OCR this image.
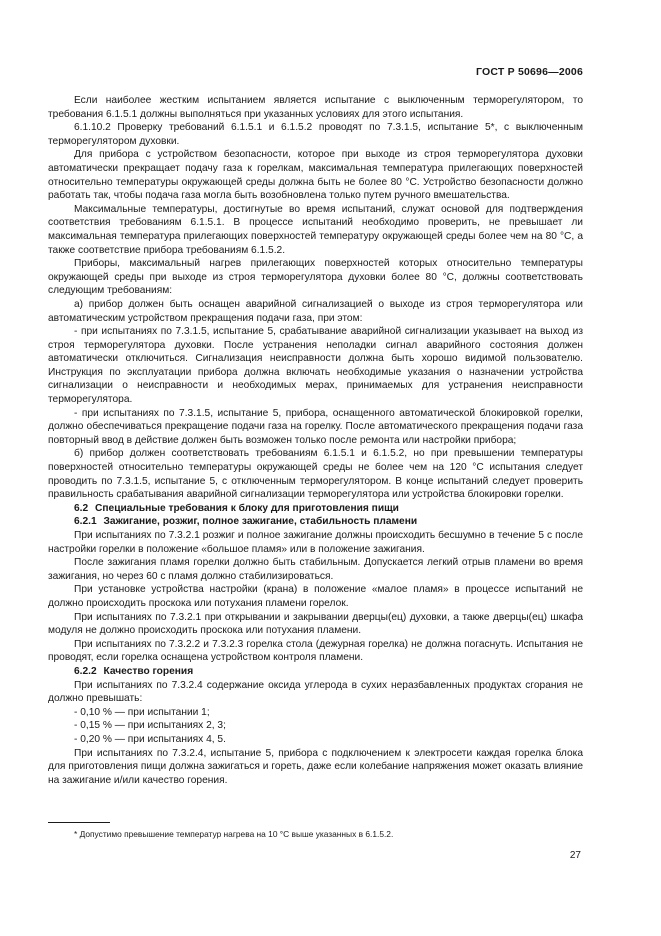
ГОСТ Р 50696—2006

Если наиболее жестким испытанием является испытание с выключенным терморегулятором, то требования 6.1.5.1 должны выполняться при указанных условиях для этого испытания.

6.1.10.2 Проверку требований 6.1.5.1 и 6.1.5.2 проводят по 7.3.1.5, испытание 5*, с выключенным терморегулятором духовки.

Для прибора с устройством безопасности, которое при выходе из строя терморегулятора духовки автоматически прекращает подачу газа к горелкам, максимальная температура прилегающих поверхностей относительно температуры окружающей среды должна быть не более 80 °С. Устройство безопасности должно работать так, чтобы подача газа могла быть возобновлена только путем ручного вмешательства.

Максимальные температуры, достигнутые во время испытаний, служат основой для подтверждения соответствия требованиям 6.1.5.1. В процессе испытаний необходимо проверить, не превышает ли максимальная температура прилегающих поверхностей температуру окружающей среды более чем на 80 °С, а также соответствие прибора требованиям 6.1.5.2.

Приборы, максимальный нагрев прилегающих поверхностей которых относительно температуры окружающей среды при выходе из строя терморегулятора духовки более 80 °С, должны соответствовать следующим требованиям:

а) прибор должен быть оснащен аварийной сигнализацией о выходе из строя терморегулятора или автоматическим устройством прекращения подачи газа, при этом:

- при испытаниях по 7.3.1.5, испытание 5, срабатывание аварийной сигнализации указывает на выход из строя терморегулятора духовки. После устранения неполадки сигнал аварийного состояния должен автоматически отключиться. Сигнализация неисправности должна быть хорошо видимой пользователю. Инструкция по эксплуатации прибора должна включать необходимые указания о назначении устройства сигнализации о неисправности и необходимых мерах, принимаемых для устранения неисправности терморегулятора.

- при испытаниях по 7.3.1.5, испытание 5, прибора, оснащенного автоматической блокировкой горелки, должно обеспечиваться прекращение подачи газа на горелку. После автоматического прекращения подачи газа повторный ввод в действие должен быть возможен только после ремонта или настройки прибора;

б) прибор должен соответствовать требованиям 6.1.5.1 и 6.1.5.2, но при превышении температуры поверхностей относительно температуры окружающей среды не более чем на 120 °С испытания следует проводить по 7.3.1.5, испытание 5, с отключенным терморегулятором. В конце испытаний следует проверить правильность срабатывания аварийной сигнализации терморегулятора или устройства блокировки горелки.

6.2 Специальные требования к блоку для приготовления пищи

6.2.1 Зажигание, розжиг, полное зажигание, стабильность пламени

При испытаниях по 7.3.2.1 розжиг и полное зажигание должны происходить бесшумно в течение 5 с после настройки горелки в положение «большое пламя» или в положение зажигания.

После зажигания пламя горелки должно быть стабильным. Допускается легкий отрыв пламени во время зажигания, но через 60 с пламя должно стабилизироваться.

При установке устройства настройки (крана) в положение «малое пламя» в процессе испытаний не должно происходить проскока или потухания пламени горелок.

При испытаниях по 7.3.2.1 при открывании и закрывании дверцы(ец) духовки, а также дверцы(ец) шкафа модуля не должно происходить проскока или потухания пламени.

При испытаниях по 7.3.2.2 и 7.3.2.3 горелка стола (дежурная горелка) не должна погаснуть. Испытания не проводят, если горелка оснащена устройством контроля пламени.

6.2.2 Качество горения

При испытаниях по 7.3.2.4 содержание оксида углерода в сухих неразбавленных продуктах сгорания не должно превышать:

- 0,10 % — при испытании 1;

- 0,15 % — при испытаниях 2, 3;

- 0,20 % — при испытаниях 4, 5.

При испытаниях по 7.3.2.4, испытание 5, прибора с подключением к электросети каждая горелка блока для приготовления пищи должна зажигаться и гореть, даже если колебание напряжения может оказать влияние на зажигание и/или качество горения.

* Допустимо превышение температур нагрева на 10 °С выше указанных в 6.1.5.2.
27
